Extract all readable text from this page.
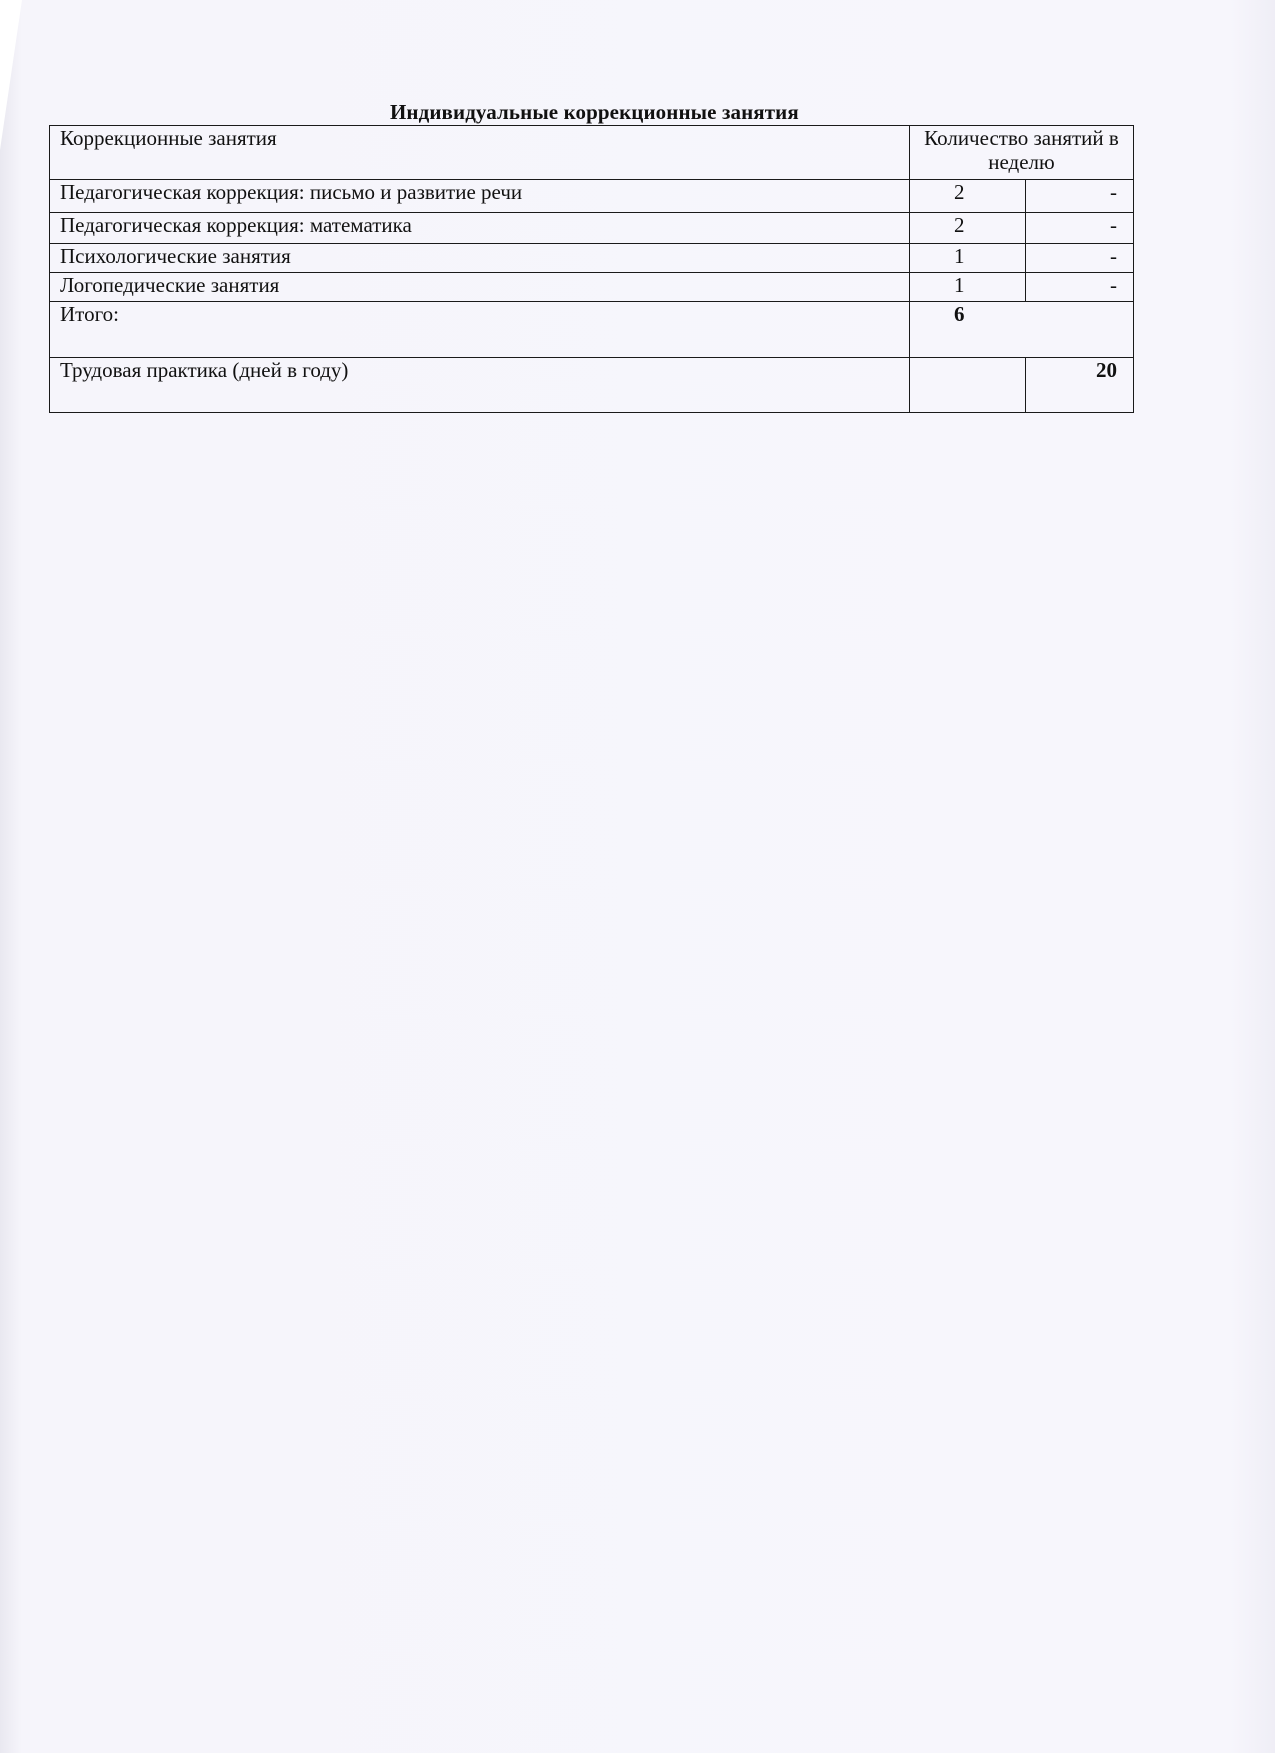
Индивидуальные коррекционные занятия
Коррекционные занятия	Количество занятий в неделю	
Педагогическая коррекция: письмо и развитие речи	2	-
Педагогическая коррекция: математика	2	-
Психологические занятия	1	-
Логопедические занятия	1	-
Итого:	6	
Трудовая практика (дней в году)		20
